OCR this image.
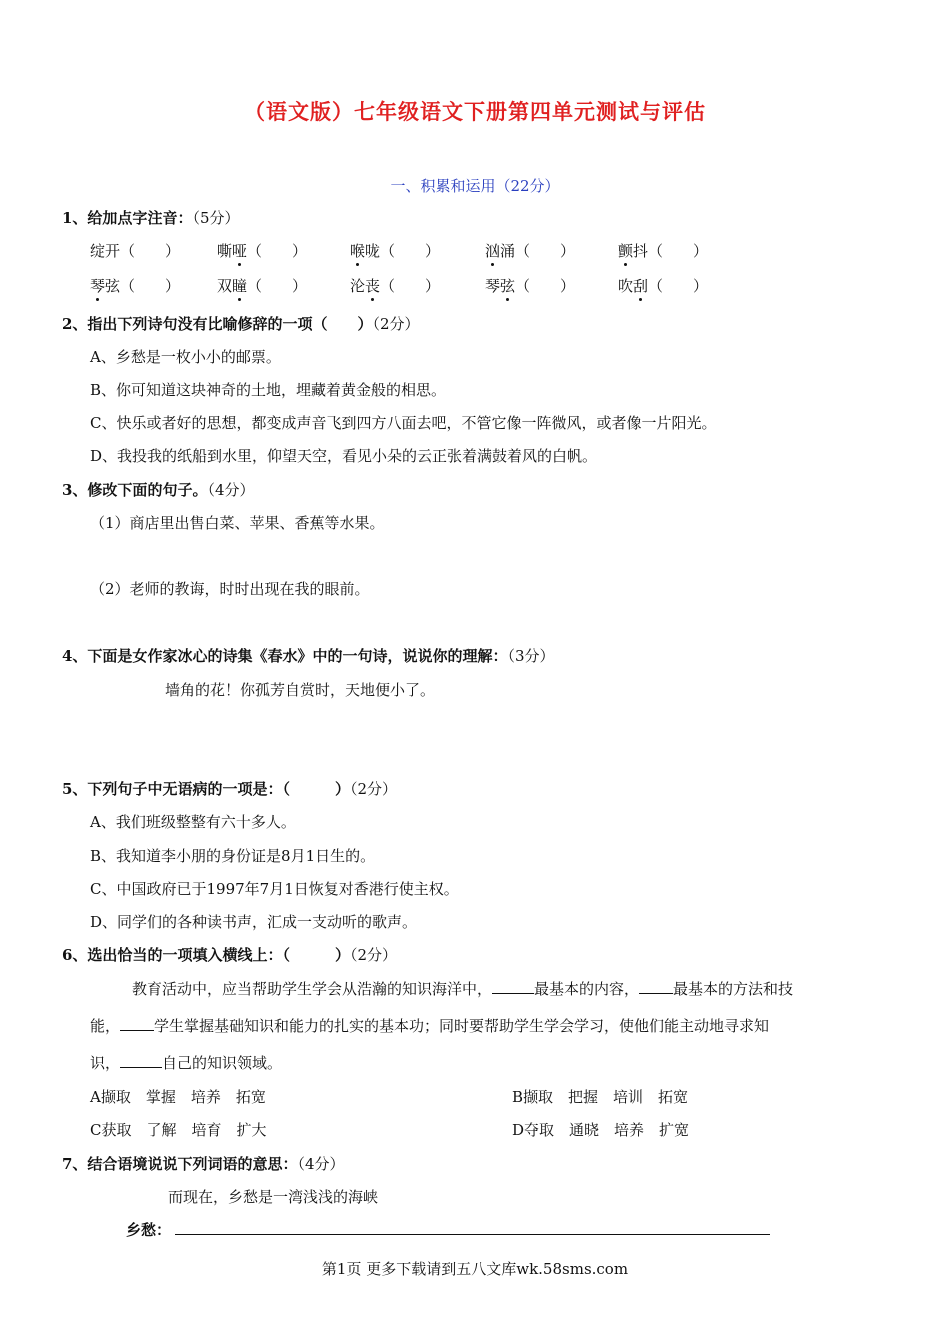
（语文版）七年级语文下册第四单元测试与评估
一、积累和运用（22分）
1、给加点字注音：（5分）
绽开（　　） 嘶哑（　　）	喉咙（　　）	汹涌（　　）	颤抖（　　）
琴弦（　　） 双瞳（　　）	沦丧（　　）	琴弦（　　）	吹刮（　　）
2、指出下列诗句没有比喻修辞的一项（　　）（2分）
A、乡愁是一枚小小的邮票。
B、你可知道这块神奇的土地，埋藏着黄金般的相思。
C、快乐或者好的思想，都变成声音飞到四方八面去吧，不管它像一阵微风，或者像一片阳光。
D、我投我的纸船到水里，仰望天空，看见小朵的云正张着满鼓着风的白帆。
3、修改下面的句子。（4分）
（1）商店里出售白菜、苹果、香蕉等水果。
（2）老师的教诲，时时出现在我的眼前。
4、下面是女作家冰心的诗集《春水》中的一句诗，说说你的理解：（3分）
墙角的花！你孤芳自赏时，天地便小了。
5、下列句子中无语病的一项是：（　　　）（2分）
A、我们班级整整有六十多人。
B、我知道李小朋的身份证是8月1日生的。
C、中国政府已于1997年7月1日恢复对香港行使主权。
D、同学们的各种读书声，汇成一支动听的歌声。
6、选出恰当的一项填入横线上：（　　　）（2分）
教育活动中，应当帮助学生学会从浩瀚的知识海洋中，	最基本的内容， 最基本的方法和技
能， 学生掌握基础知识和能力的扎实的基本功；同时要帮助学生学会学习，使他们能主动地寻求知
识，	自己的知识领域。
A撷取　掌握　培养　拓宽	B撷取　把握　培训　拓宽
C获取　了解　培育　扩大	D夺取　通晓　培养　扩宽
7、结合语境说说下列词语的意思：（4分）
而现在，乡愁是一湾浅浅的海峡
乡愁：
第1页 更多下载请到五八文库wk.58sms.com
